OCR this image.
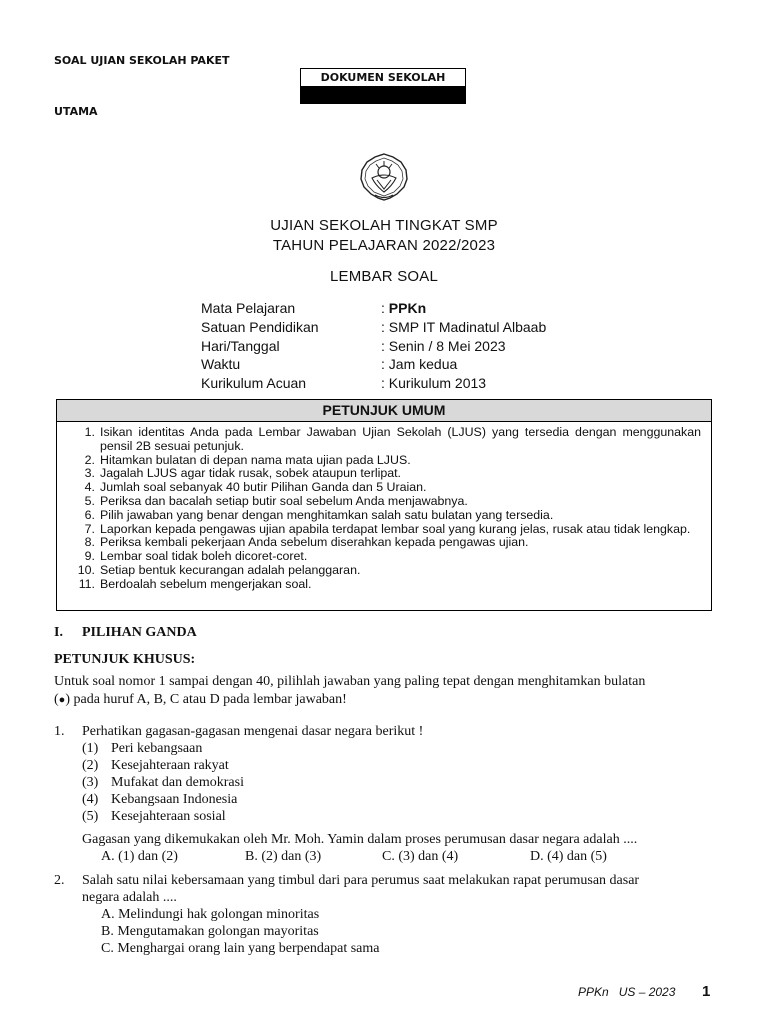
SOAL UJIAN SEKOLAH PAKET
UTAMA
DOKUMEN SEKOLAH
UJIAN SEKOLAH TINGKAT SMP
TAHUN PELAJARAN 2022/2023
LEMBAR SOAL
Mata Pelajaran	: PPKn
Satuan Pendidikan	: SMP IT Madinatul Albaab
Hari/Tanggal	: Senin / 8 Mei 2023
Waktu	: Jam kedua
Kurikulum Acuan	: Kurikulum 2013
PETUNJUK UMUM
1. Isikan identitas Anda pada Lembar Jawaban Ujian Sekolah (LJUS) yang tersedia dengan menggunakan pensil 2B sesuai petunjuk.
2. Hitamkan bulatan di depan nama mata ujian pada LJUS.
3. Jagalah LJUS agar tidak rusak, sobek ataupun terlipat.
4. Jumlah soal sebanyak 40 butir Pilihan Ganda dan 5 Uraian.
5. Periksa dan bacalah setiap butir soal sebelum Anda menjawabnya.
6. Pilih jawaban yang benar dengan menghitamkan salah satu bulatan yang tersedia.
7. Laporkan kepada pengawas ujian apabila terdapat lembar soal yang kurang jelas, rusak atau tidak lengkap.
8. Periksa kembali pekerjaan Anda sebelum diserahkan kepada pengawas ujian.
9. Lembar soal tidak boleh dicoret-coret.
10. Setiap bentuk kecurangan adalah pelanggaran.
11. Berdoalah sebelum mengerjakan soal.
I. PILIHAN GANDA
PETUNJUK KHUSUS:
Untuk soal nomor 1 sampai dengan 40, pilihlah jawaban yang paling tepat dengan menghitamkan bulatan
(●) pada huruf A, B, C atau D pada lembar jawaban!
1. Perhatikan gagasan-gagasan mengenai dasar negara berikut !
(1) Peri kebangsaan
(2) Kesejahteraan rakyat
(3) Mufakat dan demokrasi
(4) Kebangsaan Indonesia
(5) Kesejahteraan sosial
Gagasan yang dikemukakan oleh Mr. Moh. Yamin dalam proses perumusan dasar negara adalah ....
A. (1) dan (2)	B. (2) dan (3)	C. (3) dan (4)	D. (4) dan (5)
2. Salah satu nilai kebersamaan yang timbul dari para perumus saat melakukan rapat perumusan dasar
negara adalah ....
A. Melindungi hak golongan minoritas
B. Mengutamakan golongan mayoritas
C. Menghargai orang lain yang berpendapat sama
PPKn   US – 2023 1
